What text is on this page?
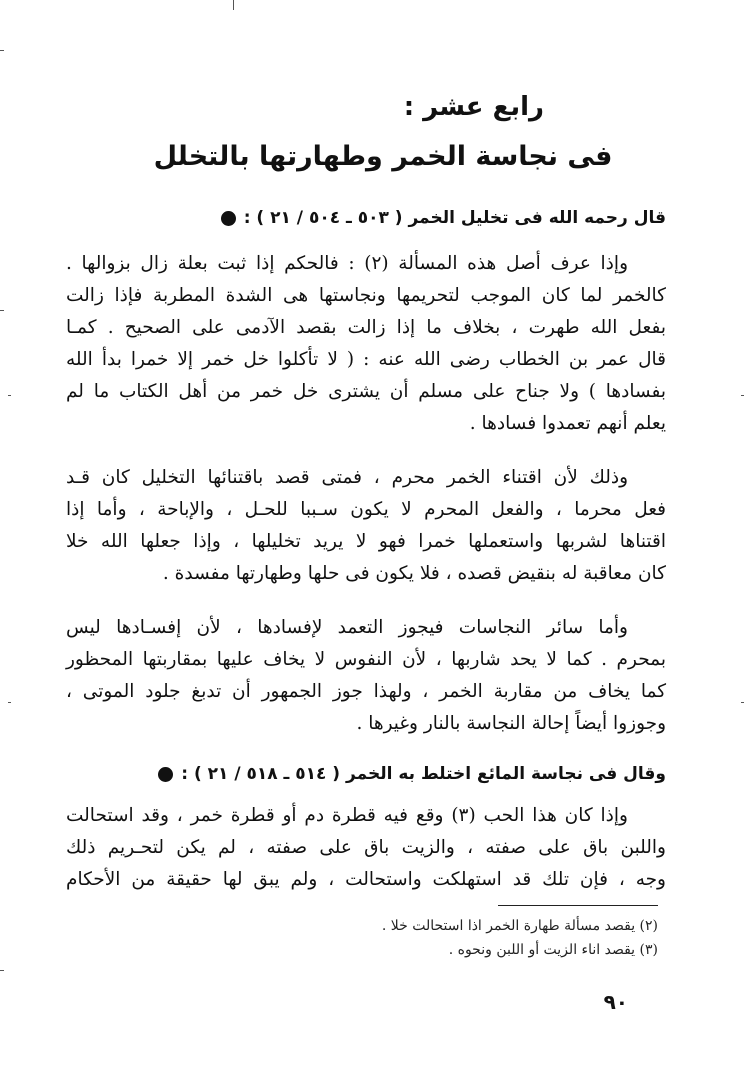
رابع عشر :
فى نجاسة الخمر وطهارتها بالتخلل
قال رحمه الله فى تخليل الخمر ( ٥٠٣ ـ ٥٠٤ / ٢١ ) :
وإذا عرف أصل هذه المسألة (٢) : فالحكم إذا ثبت بعلة زال بزوالها .
كالخمر لما كان الموجب لتحريمها ونجاستها هى الشدة المطربة فإذا زالت
بفعل الله طهرت ، بخلاف ما إذا زالت بقصد الآدمى على الصحيح . كمـا
قال عمر بن الخطاب رضى الله عنه : ( لا تأكلوا خل خمر إلا خمرا بدأ الله
بفسادها ) ولا جناح على مسلم أن يشترى خل خمر من أهل الكتاب ما لم
يعلم أنهم تعمدوا فسادها .
وذلك لأن اقتناء الخمر محرم ، فمتى قصد باقتنائها التخليل كان قـد
فعل محرما ، والفعل المحرم لا يكون سـببا للحـل ، والإباحة ، وأما إذا
اقتناها لشربها واستعملها خمرا فهو لا يريد تخليلها ، وإذا جعلها الله خلا
كان معاقبة له بنقيض قصده ، فلا يكون فى حلها وطهارتها مفسدة .
وأما سائر النجاسات فيجوز التعمد لإفسادها ، لأن إفسـادها ليس
بمحرم . كما لا يحد شاربها ، لأن النفوس لا يخاف عليها بمقاربتها المحظور
كما يخاف من مقاربة الخمر ، ولهذا جوز الجمهور أن تدبغ جلود الموتى ،
وجوزوا أيضاً إحالة النجاسة بالنار وغيرها .
وقال فى نجاسة المائع اختلط به الخمر ( ٥١٤ ـ ٥١٨ / ٢١ ) :
وإذا كان هذا الحب (٣) وقع فيه قطرة دم أو قطرة خمر ، وقد استحالت
واللبن باق على صفته ، والزيت باق على صفته ، لم يكن لتحـريم ذلك
وجه ، فإن تلك قد استهلكت واستحالت ، ولم يبق لها حقيقة من الأحكام
(٢) يقصد مسألة طهارة الخمر اذا استحالت خلا .
(٣) يقصد اناء الزيت أو اللبن ونحوه .
٩٠
